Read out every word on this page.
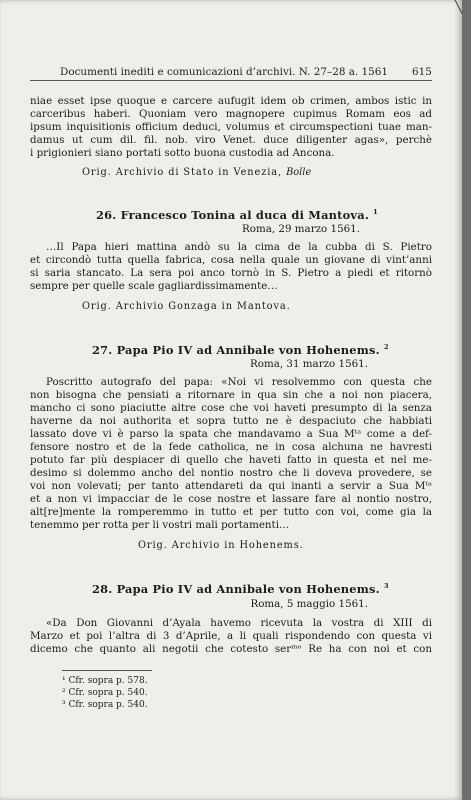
╲
Documenti inediti e comunicazioni d’archivi. N. 27–28 a. 1561	615
niae esset ipse quoque e carcere aufugit idem ob crimen, ambos istic in
carceribus haberi. Quoniam vero magnopere cupimus Romam eos ad
ipsum inquisitionis officium deduci, volumus et circumspectioni tuae man-
damus ut cum dil. fil. nob. viro Venet. duce diligenter agas», perchè
i prigionieri siano portati sotto buona custodia ad Ancona.
Orig. Archivio di Stato in Venezia, Bolle
26. Francesco Tonina al duca di Mantova. $^1$
Roma, 29 marzo 1561.
…Il Papa hieri mattina andò su la cima de la cubba di S. Pietro
et circondò tutta quella fabrica, cosa nella quale un giovane di vint’anni
si saria stancato. La sera poi anco tornò in S. Pietro a piedi et ritornò
sempre per quelle scale gagliardissimamente…
Orig. Archivio Gonzaga in Mantova.
27. Papa Pio IV ad Annibale von Hohenems. $^2$
Roma, 31 marzo 1561.
Poscritto autografo del papa: «Noi vi resolvemmo con questa che
non bisogna che pensiati a ritornare in qua sin che a noi non piacera,
mancho ci sono piaciutte altre cose che voi haveti presumpto di la senza
haverne da noi authorita et sopra tutto ne è despaciuto che habbiati
lassato dove vi è parso la spata che mandavamo a Sua Mᵗᵃ come a def-
fensore nostro et de la fede catholica, ne in cosa alchuna ne havresti
potuto far più despiacer di quello che haveti fatto in questa et nel me-
desimo si dolemmo ancho del nontio nostro che li doveva provedere, se
voi non volevati; per tanto attendareti da qui inanti a servir a Sua Mᵗᵃ
et a non vi impacciar de le cose nostre et lassare fare al nontio nostro,
alt[re]mente la romperemmo in tutto et per tutto con voi, come gia la
tenemmo per rotta per li vostri mali portamenti…
Orig. Archivio in Hohenems.
28. Papa Pio IV ad Annibale von Hohenems. $^3$
Roma, 5 maggio 1561.
«Da Don Giovanni d’Ayala havemo ricevuta la vostra di XIII di
Marzo et poi l’altra di 3 d’Aprile, a li quali rispondendo con questa vi
dicemo che quanto ali negotii che cotesto serᵐᵒ Re ha con noi et con
¹ Cfr. sopra p. 578.
² Cfr. sopra p. 540.
³ Cfr. sopra p. 540.
